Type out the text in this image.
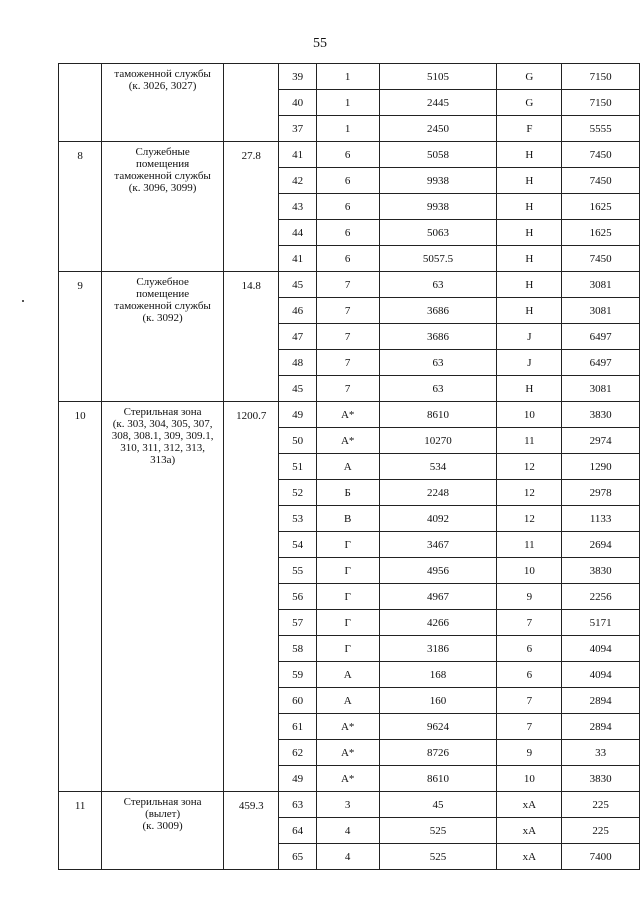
55

	таможенной службы
(к. 3026, 3027)		39	1	5105	G	7150
			40	1	2445	G	7150
			37	1	2450	F	5555
8	Служебные
помещения
таможенной службы
(к. 3096, 3099)	27.8	41	6	5058	H	7450
			42	6	9938	H	7450
			43	6	9938	H	1625
			44	6	5063	H	1625
			41	6	5057.5	H	7450
9	Служебное
помещение
таможенной службы
(к. 3092)	14.8	45	7	63	H	3081
			46	7	3686	H	3081
			47	7	3686	J	6497
			48	7	63	J	6497
			45	7	63	H	3081
10	Стерильная зона
(к. 303, 304, 305, 307,
308, 308.1, 309, 309.1,
310, 311, 312, 313,
313а)	1200.7	49	А*	8610	10	3830
			50	А*	10270	11	2974
			51	А	534	12	1290
			52	Б	2248	12	2978
			53	В	4092	12	1133
			54	Г	3467	11	2694
			55	Г	4956	10	3830
			56	Г	4967	9	2256
			57	Г	4266	7	5171
			58	Г	3186	6	4094
			59	А	168	6	4094
			60	А	160	7	2894
			61	А*	9624	7	2894
			62	А*	8726	9	33
			49	А*	8610	10	3830
11	Стерильная зона
(вылет)
(к. 3009)	459.3	63	3	45	хА	225
			64	4	525	хА	225
			65	4	525	хА	7400
